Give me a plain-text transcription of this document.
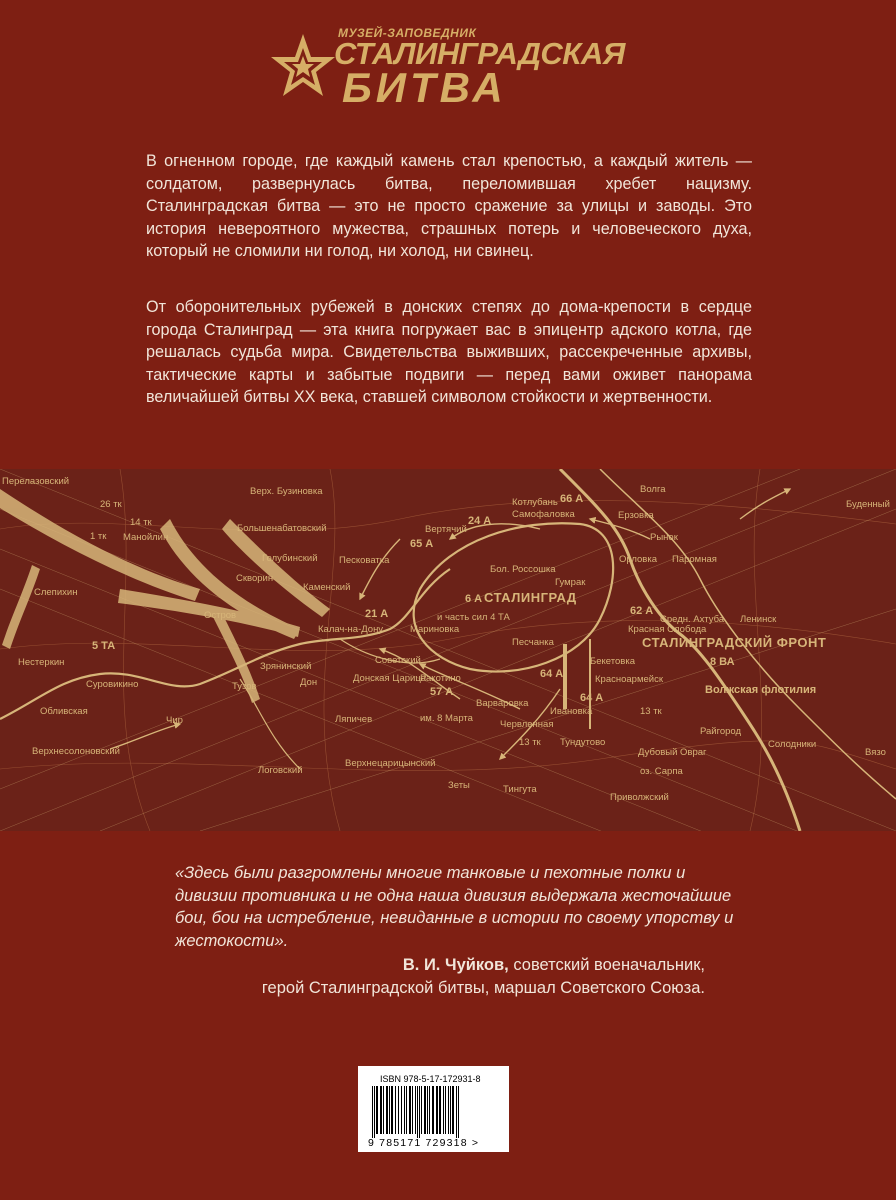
МУЗЕЙ-ЗАПОВЕДНИК
СТАЛИНГРАДСКАЯ
БИТВА

В огненном городе, где каждый камень стал крепостью, а каждый житель — солдатом, развернулась битва, переломившая хребет нацизму. Сталинградская битва — это не просто сражение за улицы и заводы. Это история невероятного мужества, страшных потерь и человеческого духа, который не сломили ни голод, ни холод, ни свинец.

От оборонительных рубежей в донских степях до дома-крепости в сердце города Сталинград — эта книга погружает вас в эпицентр адского котла, где решалась судьба мира. Свидетельства выживших, рассекреченные архивы, тактические карты и забытые подвиги — перед вами оживет панорама величайшей битвы ХХ века, ставшей символом стойкости и жертвенности.

Перелазовский
26 тк
14 тк
1 тк
Верх. Бузиновка
Большенабатовский
Манойлин
Голубинский Песковатка
Вертячий
24 А
Котлубань 66 А
Самофаловка	Ерзовка
Рынок
Орловка Паромная
Буденный
65 А
Каменский
Бол. Россошка
Гумрак
Средн. Ахтуба Ленинск
Скворин
Слепихин
6 А СТАЛИНГРАД
62 А
Остров	21 А	и часть сил 4 ТА
Калач-на-Дону	Мариновка
СТАЛИНГРАДСКИЙ ФРОНТ
Красная Слобода
5 ТА	Песчанка
Нестеркин	Зрянинский
Советский	Бекетовка	8 ВА
Донская Царица
Ракотино	64 А	Красноармейск
Волжская флотилия
Суровикино	Тузов	57 А	64 А
Обливская
Варваровка
Ивановка	13 тк
Ляпичев	им. 8 Марта
Червленная
Райгород
13 тк Тундутово	Солодники
Дубовый Овраг
Верхнесолоновский
Логовский
Верхнецарицынский
оз. Сарпа
Зеты	Тингута
Приволжский
Вязо
Волга
Дон
Чир

«Здесь были разгромлены многие танковые и пехотные полки и дивизии противника и не одна наша дивизия выдержала жесточайшие бои, бои на истребление, невиданные в истории по своему упорству и жестокости».

В. И. Чуйков, советский военачальник,
герой Сталинградской битвы, маршал Советского Союза.
ISBN 978-5-17-172931-8
9 785171 729318 >
